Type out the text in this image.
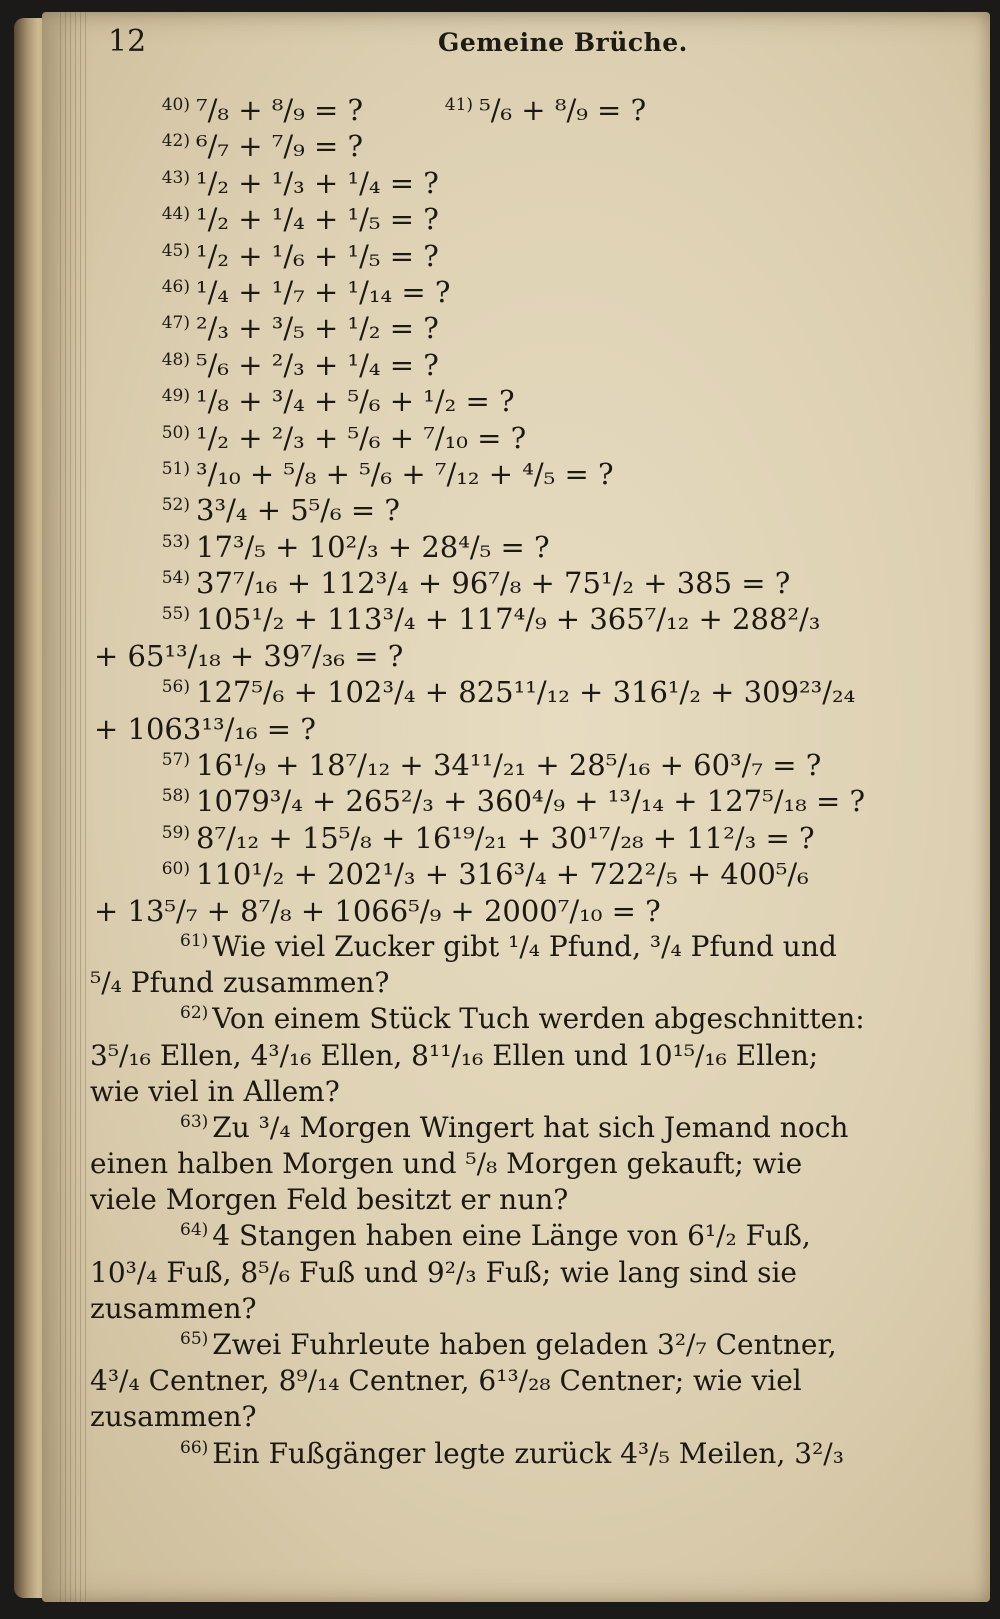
12	Gemeine Brüche.
40) ⁷/₈ + ⁸/₉ = ?	41) ⁵/₆ + ⁸/₉ = ?
42) ⁶/₇ + ⁷/₉ = ?
43) ¹/₂ + ¹/₃ + ¹/₄ = ?
44) ¹/₂ + ¹/₄ + ¹/₅ = ?
45) ¹/₂ + ¹/₆ + ¹/₅ = ?
46) ¹/₄ + ¹/₇ + ¹/₁₄ = ?
47) ²/₃ + ³/₅ + ¹/₂ = ?
48) ⁵/₆ + ²/₃ + ¹/₄ = ?
49) ¹/₈ + ³/₄ + ⁵/₆ + ¹/₂ = ?
50) ¹/₂ + ²/₃ + ⁵/₆ + ⁷/₁₀ = ?
51) ³/₁₀ + ⁵/₈ + ⁵/₆ + ⁷/₁₂ + ⁴/₅ = ?
52) 3³/₄ + 5⁵/₆ = ?
53) 17³/₅ + 10²/₃ + 28⁴/₅ = ?
54) 37⁷/₁₆ + 112³/₄ + 96⁷/₈ + 75¹/₂ + 385 = ?
55) 105¹/₂ + 113³/₄ + 117⁴/₉ + 365⁷/₁₂ + 288²/₃
+ 65¹³/₁₈ + 39⁷/₃₆ = ?
56) 127⁵/₆ + 102³/₄ + 825¹¹/₁₂ + 316¹/₂ + 309²³/₂₄
+ 1063¹³/₁₆ = ?
57) 16¹/₉ + 18⁷/₁₂ + 34¹¹/₂₁ + 28⁵/₁₆ + 60³/₇ = ?
58) 1079³/₄ + 265²/₃ + 360⁴/₉ + ¹³/₁₄ + 127⁵/₁₈ = ?
59) 8⁷/₁₂ + 15⁵/₈ + 16¹⁹/₂₁ + 30¹⁷/₂₈ + 11²/₃ = ?
60) 110¹/₂ + 202¹/₃ + 316³/₄ + 722²/₅ + 400⁵/₆
+ 13⁵/₇ + 8⁷/₈ + 1066⁵/₉ + 2000⁷/₁₀ = ?
$^{61)}$ Wie viel Zucker gibt ¹/₄ Pfund, ³/₄ Pfund und
⁵/₄ Pfund zusammen?
$^{62)}$ Von einem Stück Tuch werden abgeschnitten:
3⁵/₁₆ Ellen, 4³/₁₆ Ellen, 8¹¹/₁₆ Ellen und 10¹⁵/₁₆ Ellen;
wie viel in Allem?
$^{63)}$ Zu ³/₄ Morgen Wingert hat sich Jemand noch
einen halben Morgen und ⁵/₈ Morgen gekauft; wie
viele Morgen Feld besitzt er nun?
$^{64)}$ 4 Stangen haben eine Länge von 6¹/₂ Fuß,
10³/₄ Fuß, 8⁵/₆ Fuß und 9²/₃ Fuß; wie lang sind sie
zusammen?
$^{65)}$ Zwei Fuhrleute haben geladen 3²/₇ Centner,
4³/₄ Centner, 8⁹/₁₄ Centner, 6¹³/₂₈ Centner; wie viel
zusammen?
$^{66)}$ Ein Fußgänger legte zurück 4³/₅ Meilen, 3²/₃
